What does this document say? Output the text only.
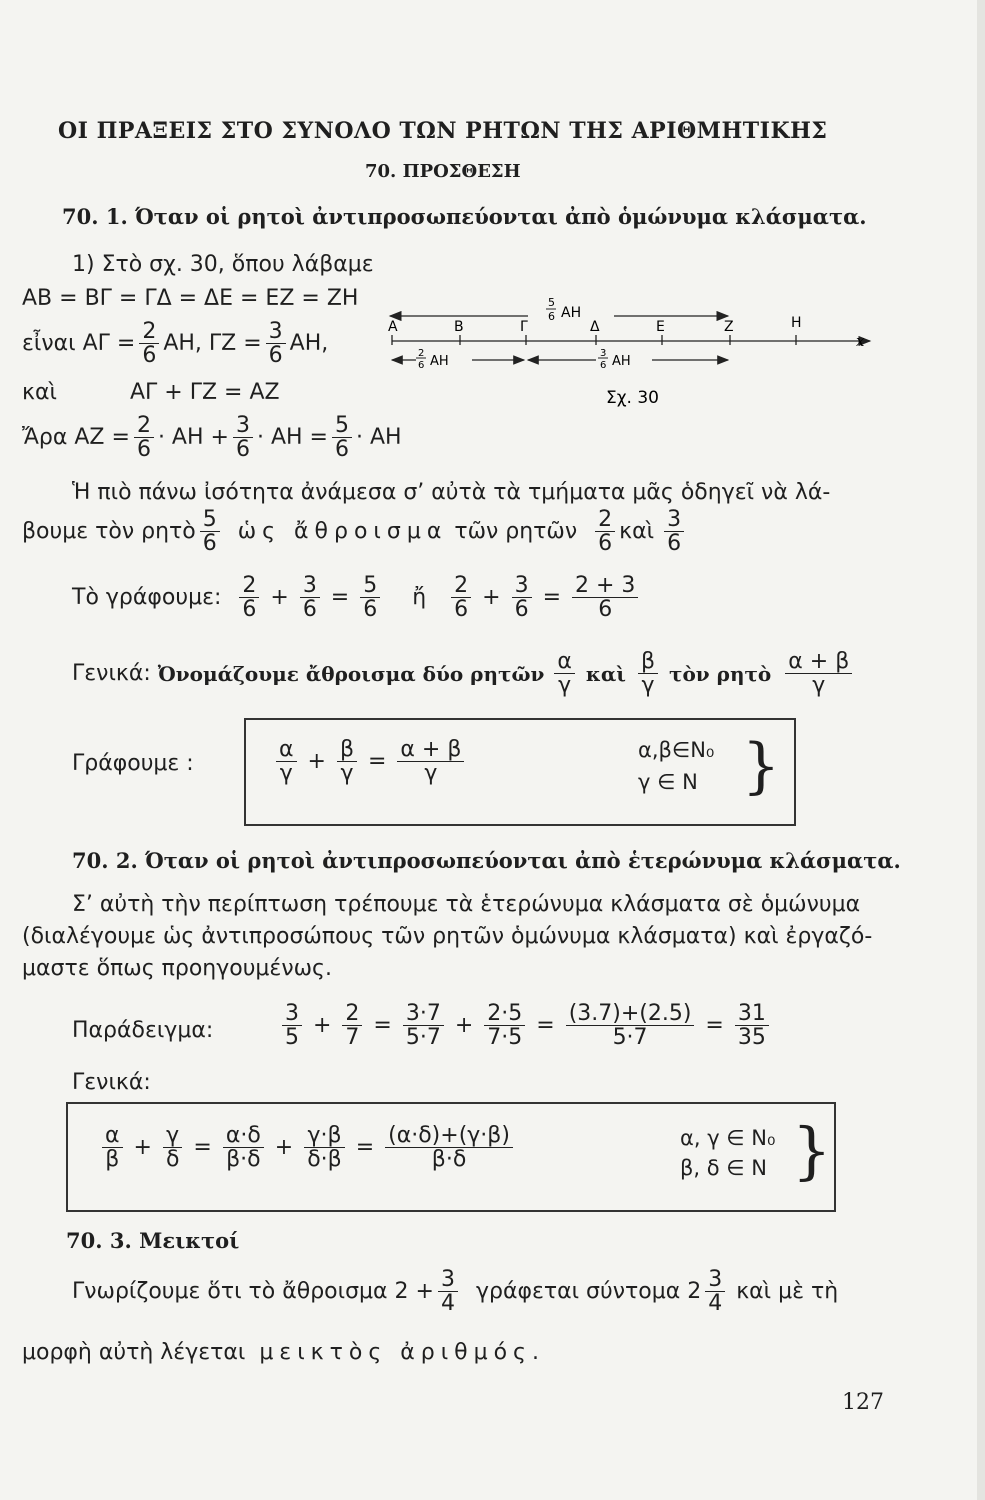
ΟΙ ΠΡΑΞΕΙΣ ΣΤΟ ΣΥΝΟΛΟ ΤΩΝ ΡΗΤΩΝ ΤΗΣ ΑΡΙΘΜΗΤΙΚΗΣ
70. ΠΡΟΣΘΕΣΗ
70. 1. Όταν οἱ ρητοὶ ἀντιπροσωπεύονται ἀπὸ ὁμώνυμα κλάσματα.
1) Στὸ σχ. 30, ὅπου λάβαμε
ΑΒ = ΒΓ = ΓΔ = ΔΕ = ΕΖ = ΖΗ
εἶναι $A\Gamma = \frac{2}{6} AH$,
$\Gamma Z = \frac{3}{6} AH$,
καὶ	ΑΓ + ΓΖ = ΑΖ
Ἄρα $AZ = \frac{2}{6} \cdot AH + \frac{3}{6} \cdot AH = \frac{5}{6} \cdot AH$
5
6 ΑΗ
Α	Β	Γ	Δ	Ε	Ζ	Η
x
2
6 ΑΗ
3
6 ΑΗ
Σχ. 30
Ἡ πιὸ πάνω ἰσότητα ἀνάμεσα σ’ αὐτὰ τὰ τμήματα μᾶς ὁδηγεῖ νὰ λά-
βουμε τὸν ρητὸ $\frac{5}{6}$
ὡς ἄθροισμα
τῶν ρητῶν $\frac{2}{6}$ καὶ $\frac{3}{6}$
Τὸ γράφουμε:
$\frac{2}{6} + \frac{3}{6} = \frac{5}{6}$
ἤ
$\frac{2}{6} + \frac{3}{6} = \frac{2 + 3}{6}$
Γενικά:
Ὀνομάζουμε ἄθροισμα δύο ρητῶν $\frac{\alpha}{\gamma}$
καὶ $\frac{\beta}{\gamma}$
τὸν ρητὸ $\frac{\alpha + \beta}{\gamma}$
Γράφουμε :	$\frac{\alpha}{\gamma} + \frac{\beta}{\gamma} = \frac{\alpha + \beta}{\gamma}$	α,β∈N₀
γ ∈ N }
70. 2. Όταν οἱ ρητοὶ ἀντιπροσωπεύονται ἀπὸ ἑτερώνυμα κλάσματα.
Σ’ αὐτὴ τὴν περίπτωση τρέπουμε τὰ ἑτερώνυμα κλάσματα σὲ ὁμώνυμα
(διαλέγουμε ὡς ἀντιπροσώπους τῶν ρητῶν ὁμώνυμα κλάσματα) καὶ ἐργαζό-
μαστε ὅπως προηγουμένως.
Παράδειγμα:	$\frac{3}{5} + \frac{2}{7} = \frac{3\cdot 7}{5\cdot 7} + \frac{2\cdot 5}{7\cdot 5} = \frac{(3.7)+(2.5)}{5\cdot 7} = \frac{31}{35}$
Γενικά:
$\frac{\alpha}{\beta} + \frac{\gamma}{\delta} = \frac{\alpha\cdot\delta}{\beta\cdot\delta} + \frac{\gamma\cdot\beta}{\delta\cdot\beta} = \frac{(\alpha\cdot\delta)+(\gamma\cdot\beta)}{\beta\cdot\delta}$	α, γ ∈ N₀
β, δ ∈ N }
70. 3. Μεικτοί
Γνωρίζουμε ὅτι τὸ ἄθροισμα $2 + \frac{3}{4}$
γράφεται σύντομα $2 \frac{3}{4}$
καὶ μὲ τὴ
μορφὴ αὐτὴ λέγεται μεικτὸς ἀριθμός.
127
